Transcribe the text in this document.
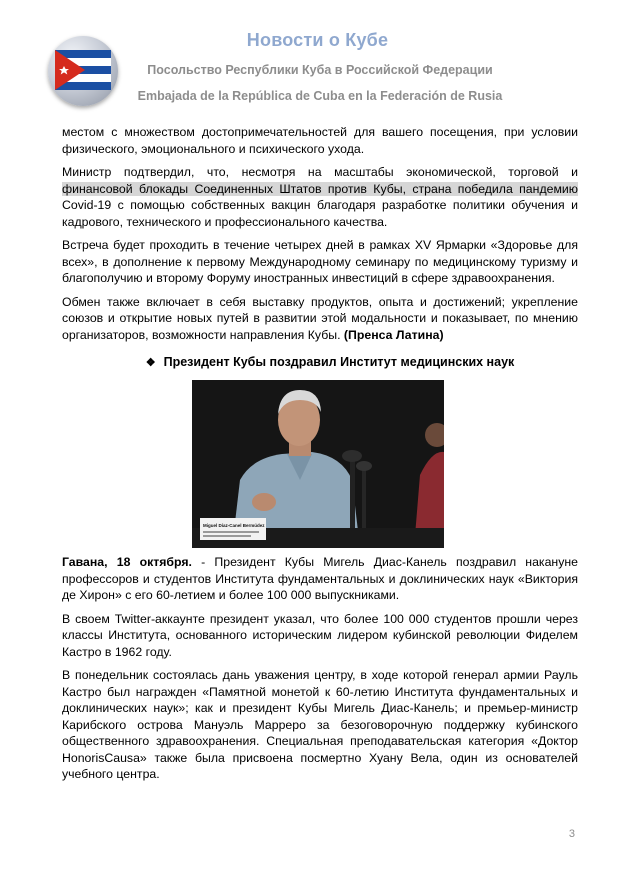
Новости о Кубе
Посольство Республики Куба в Российской Федерации
Embajada de la República de Cuba en la Federación de Rusia

местом с множеством достопримечательностей для вашего посещения, при условии физического, эмоционального и психического ухода.

Министр подтвердил, что, несмотря на масштабы экономической, торговой и финансовой блокады Соединенных Штатов против Кубы, страна победила пандемию Covid-19 с помощью собственных вакцин благодаря разработке политики обучения и кадрового, технического и профессионального качества.

Встреча будет проходить в течение четырех дней в рамках XV Ярмарки «Здоровье для всех», в дополнение к первому Международному семинару по медицинскому туризму и благополучию и второму Форуму иностранных инвестиций в сфере здравоохранения.

Обмен также включает в себя выставку продуктов, опыта и достижений; укрепление союзов и открытие новых путей в развитии этой модальности и показывает, по мнению организаторов, возможности направления Кубы. (Пренса Латина)

❖ Президент Кубы поздравил Институт медицинских наук
Miguel Díaz-Canel Bermúdez

Гавана, 18 октября. - Президент Кубы Мигель Диас-Канель поздравил накануне профессоров и студентов Института фундаментальных и доклинических наук «Виктория де Хирон» с его 60-летием и более 100 000 выпускниками.

В своем Twitter-аккаунте президент указал, что более 100 000 студентов прошли через классы Института, основанного историческим лидером кубинской революции Фиделем Кастро в 1962 году.

В понедельник состоялась дань уважения центру, в ходе которой генерал армии Рауль Кастро был награжден «Памятной монетой к 60-летию Института фундаментальных и доклинических наук»; как и президент Кубы Мигель Диас-Канель; и премьер-министр Карибского острова Мануэль Марреро за безоговорочную поддержку кубинского общественного здравоохранения. Специальная преподавательская категория «Доктор HonorisCausa» также была присвоена посмертно Хуану Вела, один из основателей учебного центра.

3
